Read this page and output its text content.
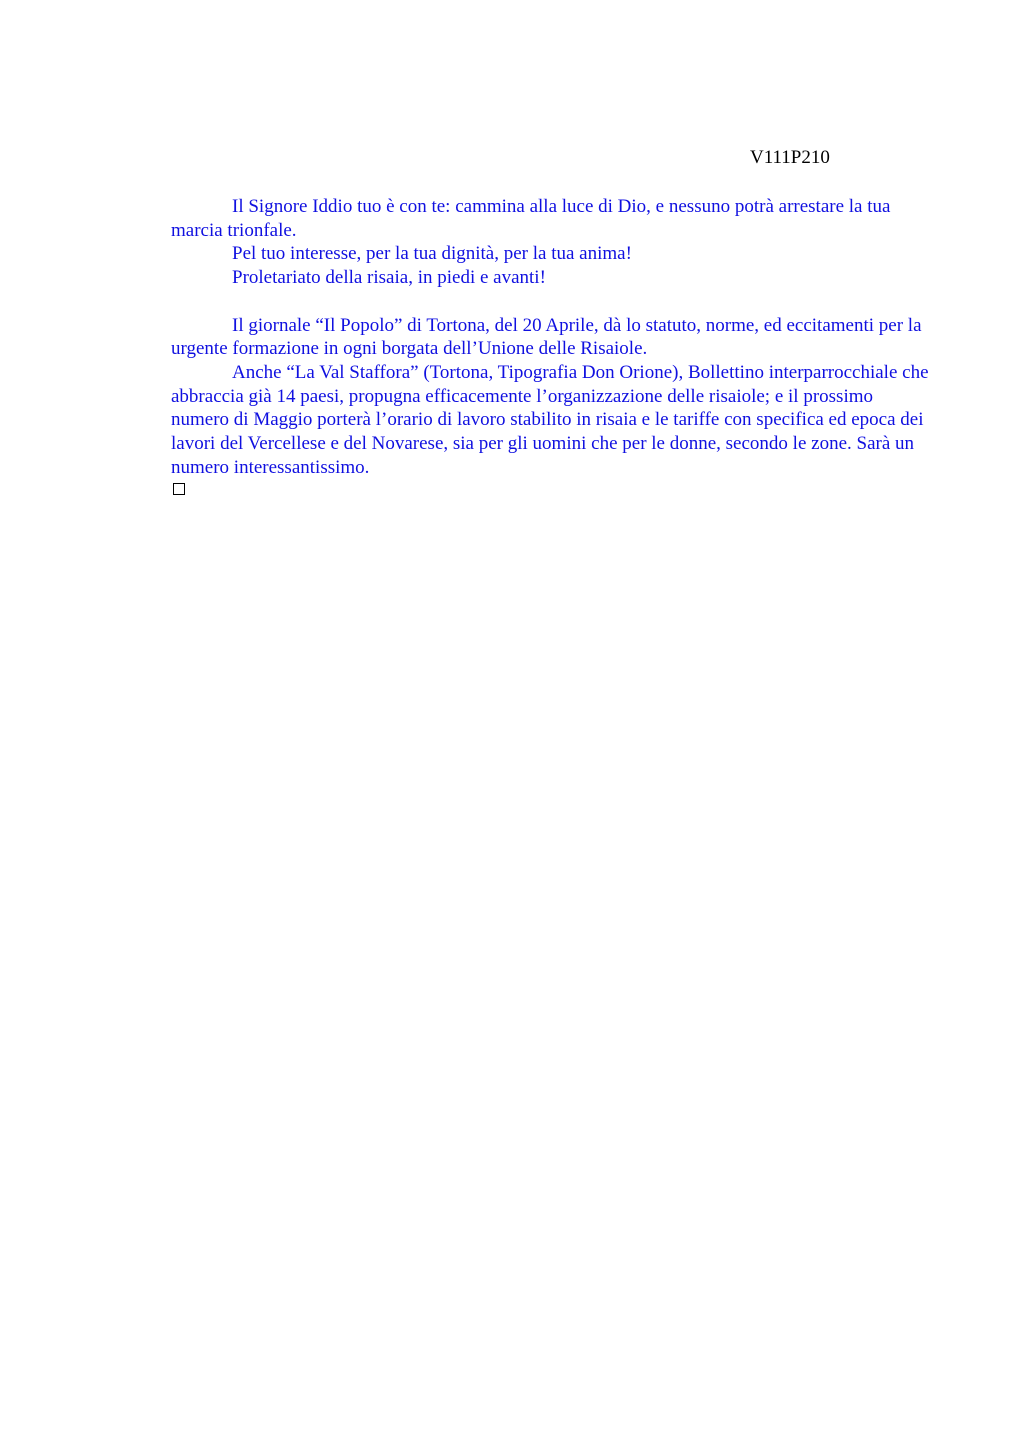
V111P210

Il Signore Iddio tuo è con te: cammina alla luce di Dio, e nessuno potrà arrestare la tua marcia trionfale.

Pel tuo interesse, per la tua dignità, per la tua anima!

Proletariato della risaia, in piedi e avanti!

Il giornale “Il Popolo” di Tortona, del 20 Aprile, dà lo statuto, norme, ed eccitamenti per la urgente formazione in ogni borgata dell’Unione delle Risaiole.

Anche “La Val Staffora” (Tortona, Tipografia Don Orione), Bollettino interparrocchiale che abbraccia già 14 paesi, propugna efficacemente l’organizzazione delle risaiole; e il prossimo numero di Maggio porterà l’orario di lavoro stabilito in risaia e le tariffe con specifica ed epoca dei lavori del Vercellese e del Novarese, sia per gli uomini che per le donne, secondo le zone. Sarà un numero interessantissimo.
